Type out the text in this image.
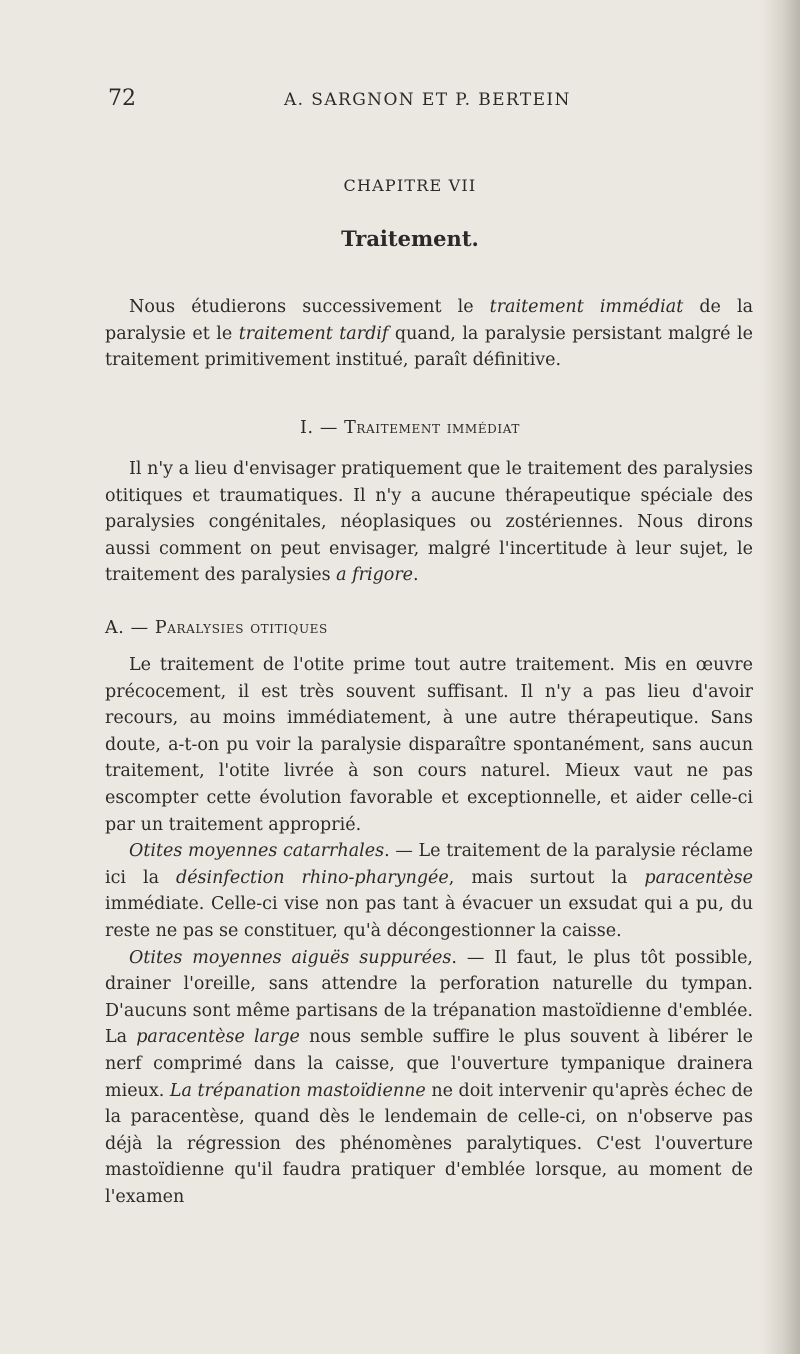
72	A. SARGNON ET P. BERTEIN
CHAPITRE VII
Traitement.

Nous étudierons successivement le traitement immédiat de la paralysie et le traitement tardif quand, la paralysie persistant malgré le traitement primitivement institué, paraît définitive.

I. — Traitement immédiat

Il n'y a lieu d'envisager pratiquement que le traitement des paralysies otitiques et traumatiques. Il n'y a aucune thérapeutique spéciale des paralysies congénitales, néoplasiques ou zostériennes. Nous dirons aussi comment on peut envisager, malgré l'incertitude à leur sujet, le traitement des paralysies a frigore.

A. — Paralysies otitiques

Le traitement de l'otite prime tout autre traitement. Mis en œuvre précocement, il est très souvent suffisant. Il n'y a pas lieu d'avoir recours, au moins immédiatement, à une autre thérapeutique. Sans doute, a-t-on pu voir la paralysie disparaître spontanément, sans aucun traitement, l'otite livrée à son cours naturel. Mieux vaut ne pas escompter cette évolution favorable et exceptionnelle, et aider celle-ci par un traitement approprié.

Otites moyennes catarrhales. — Le traitement de la paralysie réclame ici la désinfection rhino-pharyngée, mais surtout la paracentèse immédiate. Celle-ci vise non pas tant à évacuer un exsudat qui a pu, du reste ne pas se constituer, qu'à décongestionner la caisse.

Otites moyennes aiguës suppurées. — Il faut, le plus tôt possible, drainer l'oreille, sans attendre la perforation naturelle du tympan. D'aucuns sont même partisans de la trépanation mastoïdienne d'emblée. La paracentèse large nous semble suffire le plus souvent à libérer le nerf comprimé dans la caisse, que l'ouverture tympanique drainera mieux. La trépanation mastoïdienne ne doit intervenir qu'après échec de la paracentèse, quand dès le lendemain de celle-ci, on n'observe pas déjà la régression des phénomènes paralytiques. C'est l'ouverture mastoïdienne qu'il faudra pratiquer d'emblée lorsque, au moment de l'examen
